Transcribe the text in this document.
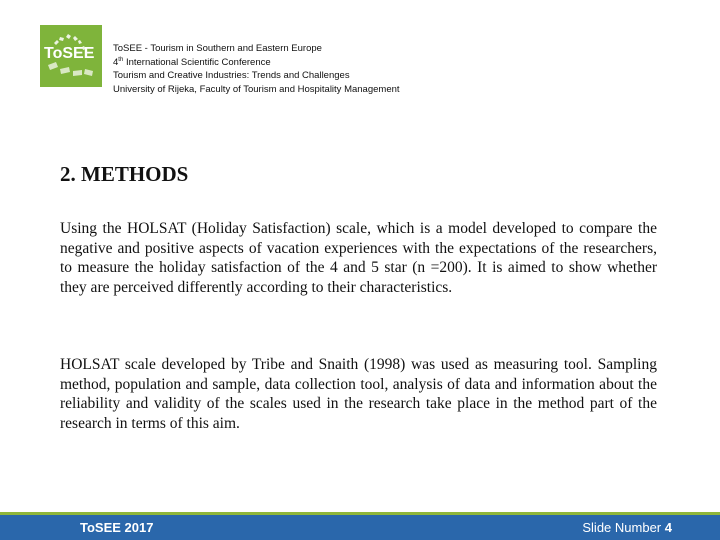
ToSEE ToSEE - Tourism in Southern and Eastern Europe
4th International Scientific Conference
Tourism and Creative Industries: Trends and Challenges
University of Rijeka, Faculty of Tourism and Hospitality Management
2. METHODS
Using the HOLSAT (Holiday Satisfaction) scale, which is a model developed to compare the negative and positive aspects of vacation experiences with the expectations of the researchers, to measure the holiday satisfaction of the 4 and 5 star (n =200). It is aimed to show whether they are perceived differently according to their characteristics.
HOLSAT scale developed by Tribe and Snaith (1998) was used as measuring tool. Sampling method, population and sample, data collection tool, analysis of data and information about the reliability and validity of the scales used in the research take place in the method part of the research in terms of this aim.
ToSEE 2017	Slide Number 4
